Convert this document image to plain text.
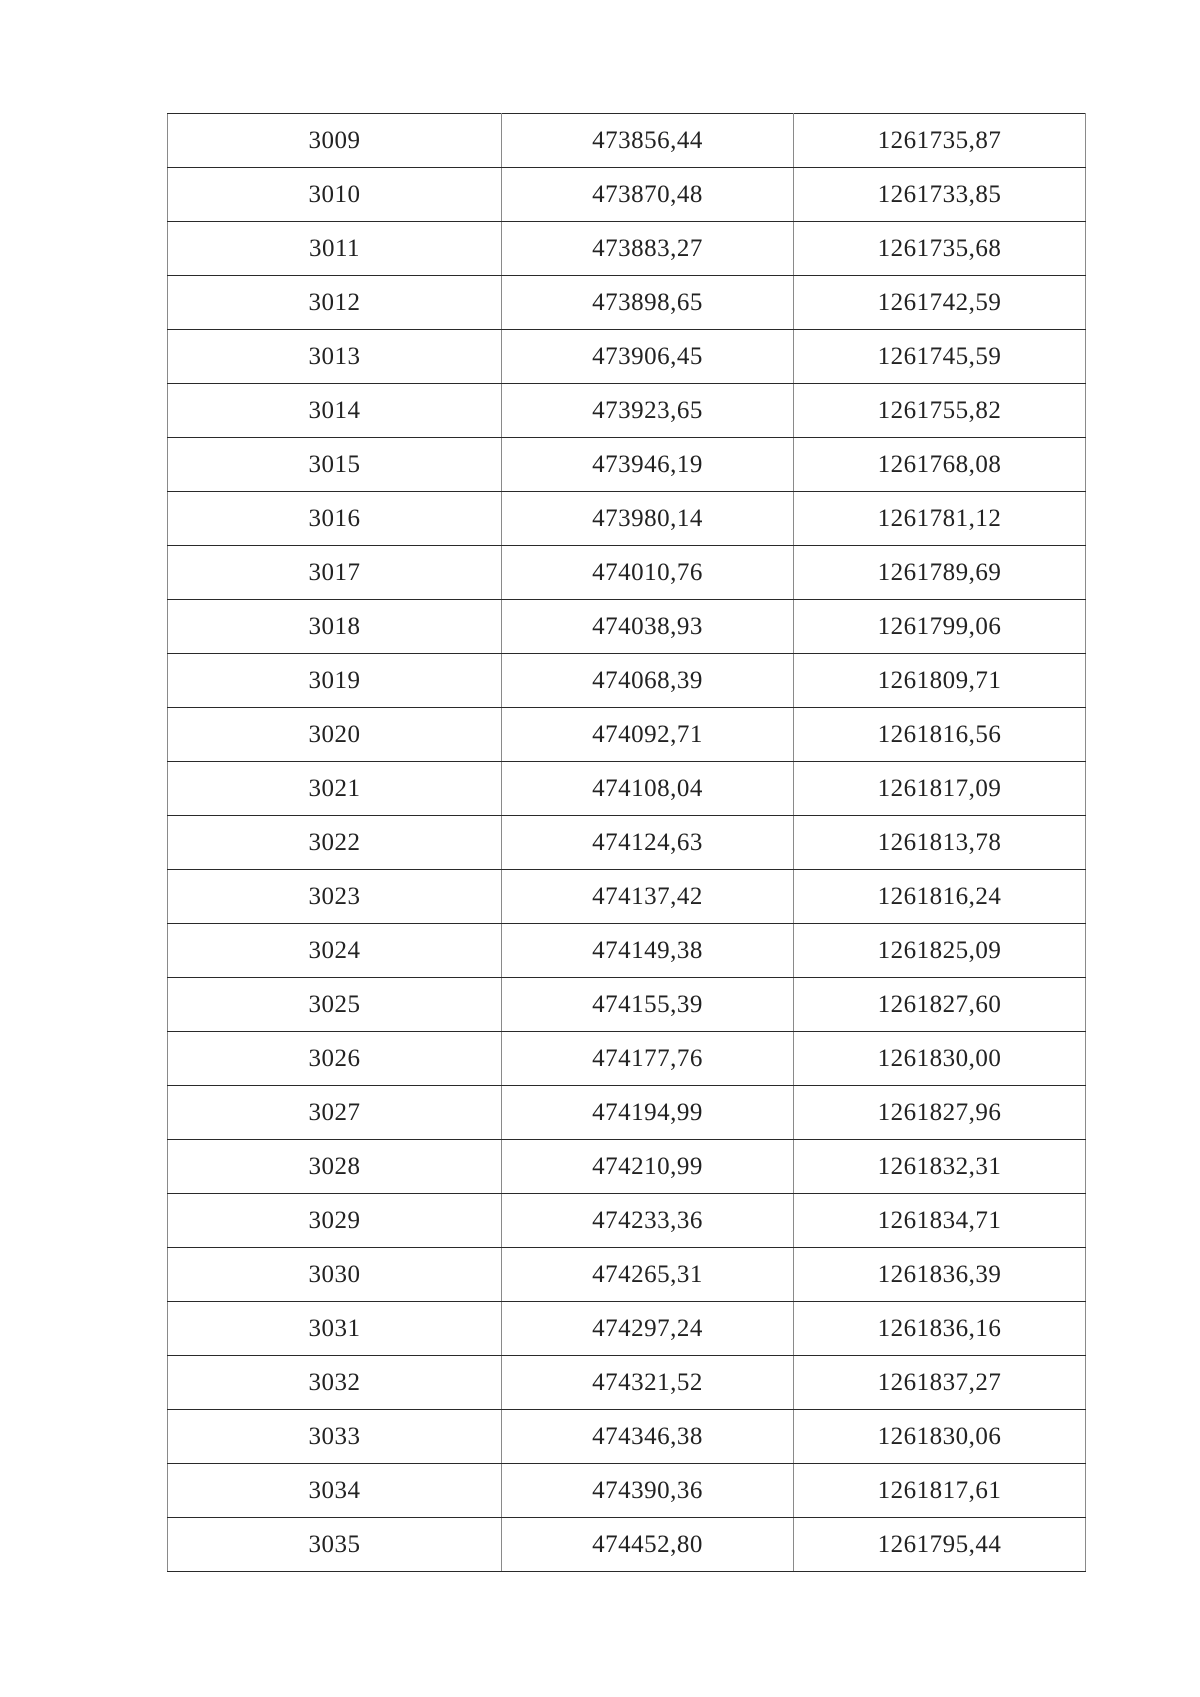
3009	473856,44	1261735,87
3010	473870,48	1261733,85
3011	473883,27	1261735,68
3012	473898,65	1261742,59
3013	473906,45	1261745,59
3014	473923,65	1261755,82
3015	473946,19	1261768,08
3016	473980,14	1261781,12
3017	474010,76	1261789,69
3018	474038,93	1261799,06
3019	474068,39	1261809,71
3020	474092,71	1261816,56
3021	474108,04	1261817,09
3022	474124,63	1261813,78
3023	474137,42	1261816,24
3024	474149,38	1261825,09
3025	474155,39	1261827,60
3026	474177,76	1261830,00
3027	474194,99	1261827,96
3028	474210,99	1261832,31
3029	474233,36	1261834,71
3030	474265,31	1261836,39
3031	474297,24	1261836,16
3032	474321,52	1261837,27
3033	474346,38	1261830,06
3034	474390,36	1261817,61
3035	474452,80	1261795,44
